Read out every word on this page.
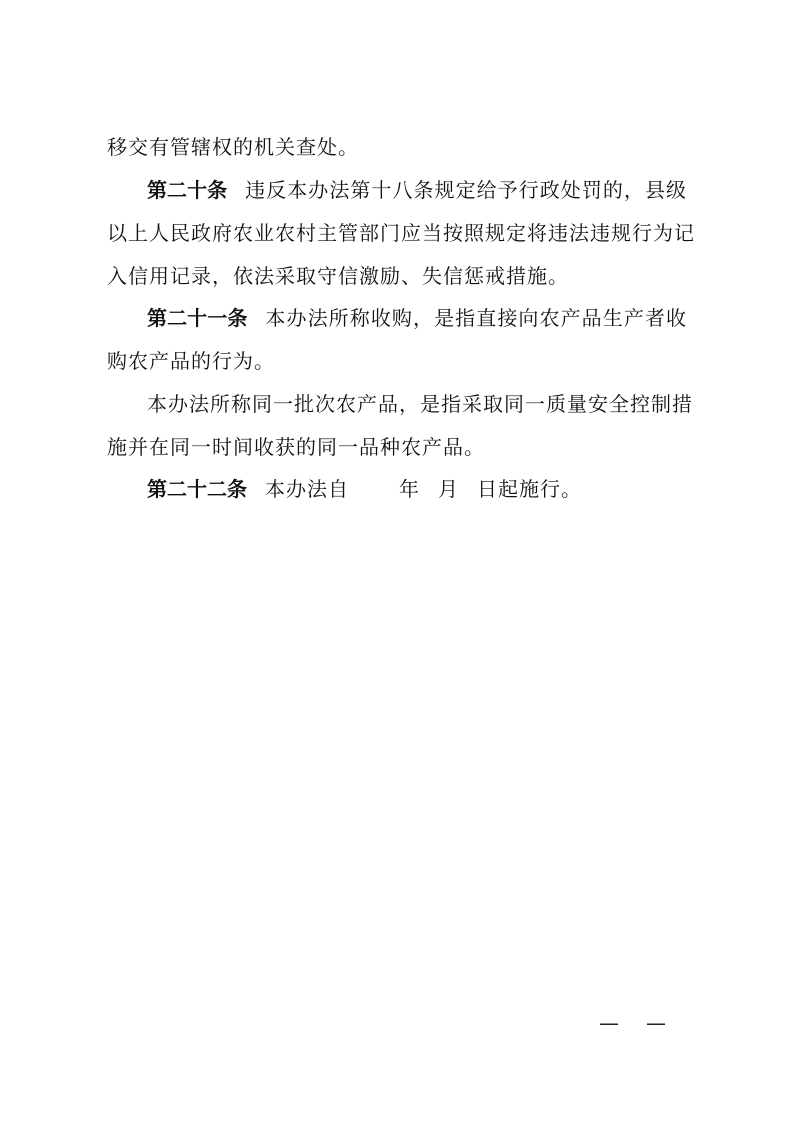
移交有管辖权的机关查处。
第二十条 违反本办法第十八条规定给予行政处罚的，县级
以上人民政府农业农村主管部门应当按照规定将违法违规行为记
入信用记录，依法采取守信激励、失信惩戒措施。
第二十一条 本办法所称收购，是指直接向农产品生产者收
购农产品的行为。
本办法所称同一批次农产品，是指采取同一质量安全控制措
施并在同一时间收获的同一品种农产品。
第二十二条 本办法自	年 月 日起施行。
— —
